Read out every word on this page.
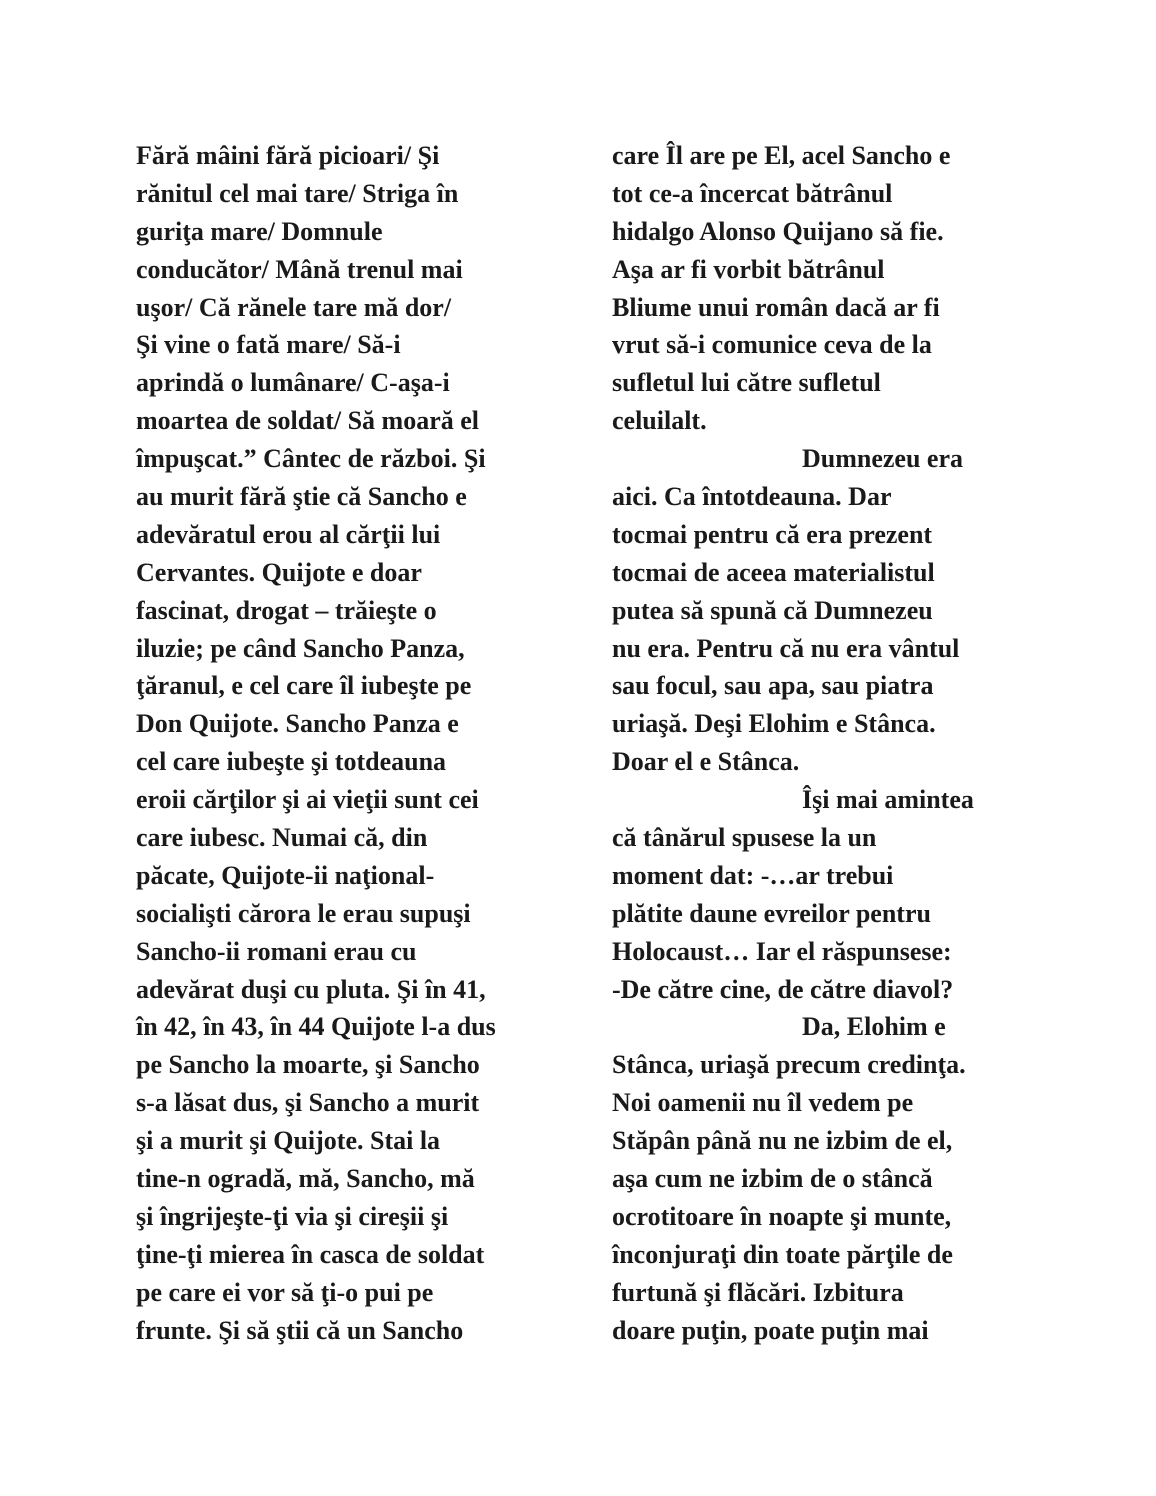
Fără mâini fără picioari/ Şi
rănitul cel mai tare/ Striga în
guriţa mare/ Domnule
conducător/ Mână trenul mai
uşor/ Că rănele tare mă dor/
Şi vine o fată mare/ Să-i
aprindă o lumânare/ C-aşa-i
moartea de soldat/ Să moară el
împuşcat.” Cântec de război. Şi
au murit fără ştie că Sancho e
adevăratul erou al cărţii lui
Cervantes. Quijote e doar
fascinat, drogat – trăieşte o
iluzie; pe când Sancho Panza,
ţăranul, e cel care îl iubeşte pe
Don Quijote. Sancho Panza e
cel care iubeşte şi totdeauna
eroii cărţilor şi ai vieţii sunt cei
care iubesc. Numai că, din
păcate, Quijote-ii naţional-
socialişti cărora le erau supuşi
Sancho-ii romani erau cu
adevărat duşi cu pluta. Şi în 41,
în 42, în 43, în 44 Quijote l-a dus
pe Sancho la moarte, şi Sancho
s-a lăsat dus, şi Sancho a murit
şi a murit şi Quijote. Stai la
tine-n ogradă, mă, Sancho, mă
şi îngrijeşte-ţi via şi cireşii şi
ţine-ţi mierea în casca de soldat
pe care ei vor să ţi-o pui pe
frunte. Şi să ştii că un Sancho
care Îl are pe El, acel Sancho e
tot ce-a încercat bătrânul
hidalgo Alonso Quijano să fie.
Aşa ar fi vorbit bătrânul
Bliume unui român dacă ar fi
vrut să-i comunice ceva de la
sufletul lui către sufletul
celuilalt.
Dumnezeu era
aici. Ca întotdeauna. Dar
tocmai pentru că era prezent
tocmai de aceea materialistul
putea să spună că Dumnezeu
nu era. Pentru că nu era vântul
sau focul, sau apa, sau piatra
uriaşă. Deşi Elohim e Stânca.
Doar el e Stânca.
Îşi mai amintea
că tânărul spusese la un
moment dat: -…ar trebui
plătite daune evreilor pentru
Holocaust… Iar el răspunsese:
-De către cine, de către diavol?
Da, Elohim e
Stânca, uriaşă precum credinţa.
Noi oamenii nu îl vedem pe
Stăpân până nu ne izbim de el,
aşa cum ne izbim de o stâncă
ocrotitoare în noapte şi munte,
înconjuraţi din toate părţile de
furtună şi flăcări. Izbitura
doare puţin, poate puţin mai
